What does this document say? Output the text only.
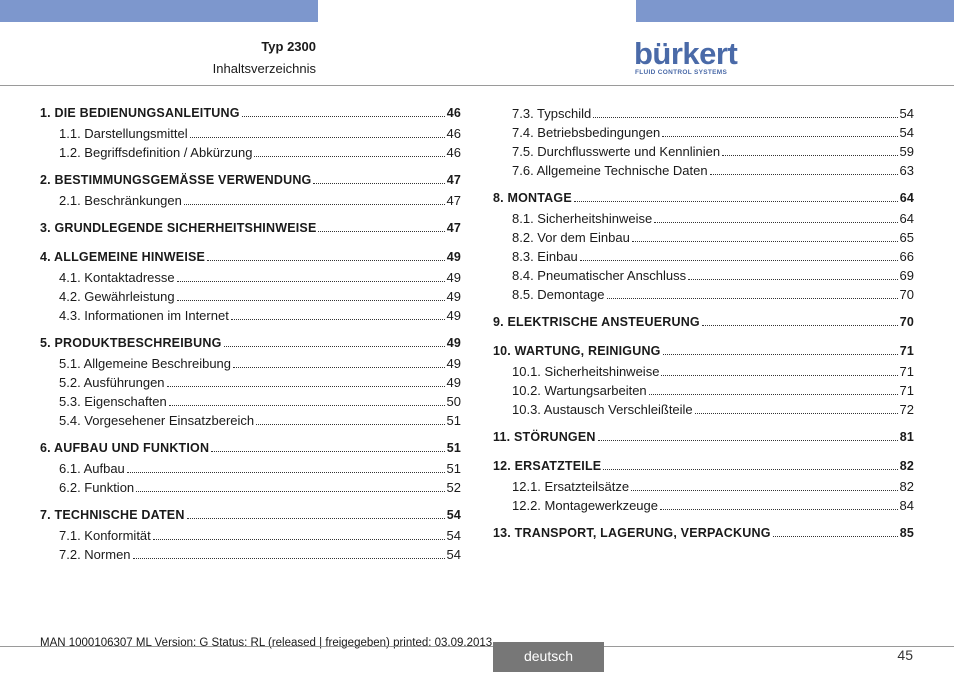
Typ 2300
Inhaltsverzeichnis	bürkert
FLUID CONTROL SYSTEMS
1. DIE BEDIENUNGSANLEITUNG	46
1.1. Darstellungsmittel	46
1.2. Begriffsdefinition / Abkürzung	46
2. BESTIMMUNGSGEMÄSSE VERWENDUNG	47
2.1. Beschränkungen	47
3. GRUNDLEGENDE SICHERHEITSHINWEISE	47
4. ALLGEMEINE HINWEISE	49
4.1. Kontaktadresse	49
4.2. Gewährleistung	49
4.3. Informationen im Internet	49
5. PRODUKTBESCHREIBUNG	49
5.1. Allgemeine Beschreibung	49
5.2. Ausführungen	49
5.3. Eigenschaften	50
5.4. Vorgesehener Einsatzbereich	51
6. AUFBAU UND FUNKTION	51
6.1. Aufbau	51
6.2. Funktion	52
7. TECHNISCHE DATEN	54
7.1. Konformität	54
7.2. Normen	54
7.3. Typschild	54
7.4. Betriebsbedingungen	54
7.5. Durchflusswerte und Kennlinien	59
7.6. Allgemeine Technische Daten	63
8. MONTAGE	64
8.1. Sicherheitshinweise	64
8.2. Vor dem Einbau	65
8.3. Einbau	66
8.4. Pneumatischer Anschluss	69
8.5. Demontage	70
9. ELEKTRISCHE ANSTEUERUNG	70
10. WARTUNG, REINIGUNG	71
10.1. Sicherheitshinweise	71
10.2. Wartungsarbeiten	71
10.3. Austausch Verschleißteile	72
11. STÖRUNGEN	81
12. ERSATZTEILE	82
12.1. Ersatzteilsätze	82
12.2. Montagewerkzeuge	84
13. TRANSPORT, LAGERUNG, VERPACKUNG	85
MAN 1000106307 ML Version: G Status: RL (released | freigegeben) printed: 03.09.2013
deutsch	45
